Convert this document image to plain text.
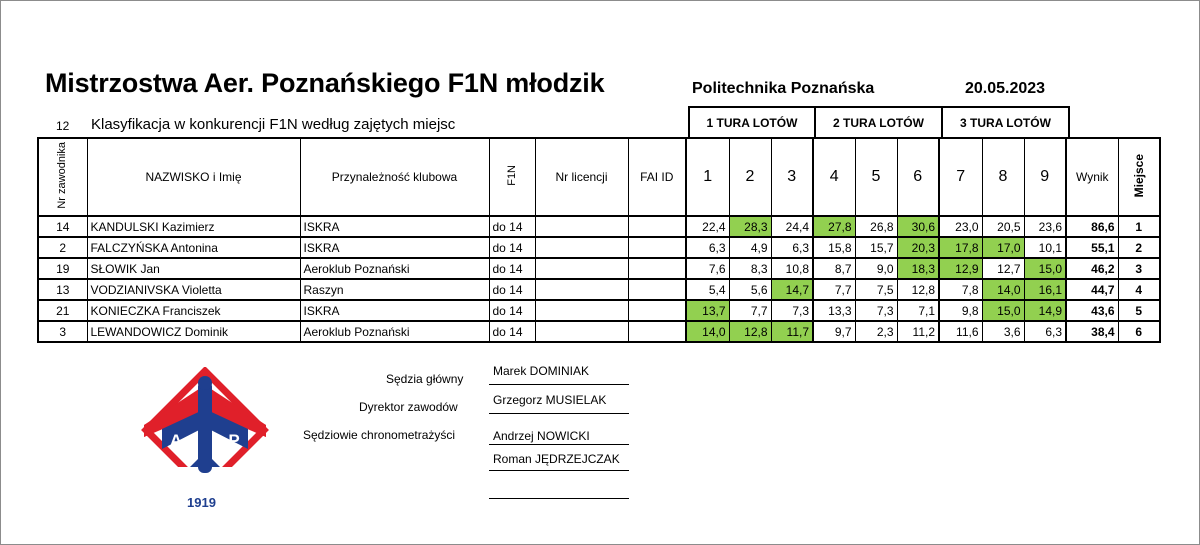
Mistrzostwa Aer. Poznańskiego F1N młodzik	Politechnika Poznańska	20.05.2023
12 Klasyfikacja w konkurencji F1N według zajętych miejsc	1 TURA LOTÓW	2 TURA LOTÓW	3 TURA LOTÓW
Nr zawodnika	NAZWISKO i Imię	Przynależność klubowa	F1N	Nr licencji	FAI ID	1	2	3	4	5	6	7	8	9	Wynik	Miejsce
14	KANDULSKI Kazimierz	ISKRA	do 14			22,4	28,3	24,4	27,8	26,8	30,6	23,0	20,5	23,6	86,6	1
2	FALCZYŃSKA Antonina	ISKRA	do 14			6,3	4,9	6,3	15,8	15,7	20,3	17,8	17,0	10,1	55,1	2
19	SŁOWIK Jan	Aeroklub Poznański	do 14			7,6	8,3	10,8	8,7	9,0	18,3	12,9	12,7	15,0	46,2	3
13	VODZIANIVSKA Violetta	Raszyn	do 14			5,4	5,6	14,7	7,7	7,5	12,8	7,8	14,0	16,1	44,7	4
21	KONIECZKA Franciszek	ISKRA	do 14			13,7	7,7	7,3	13,3	7,3	7,1	9,8	15,0	14,9	43,6	5
3	LEWANDOWICZ Dominik	Aeroklub Poznański	do 14			14,0	12,8	11,7	9,7	2,3	11,2	11,6	3,6	6,3	38,4	6
Sędzia główny
Dyrektor zawodów
Sędziowie chronometrażyści
Marek DOMINIAK
Grzegorz MUSIELAK
Andrzej NOWICKI
Roman JĘDRZEJCZAK
A	P
1919
